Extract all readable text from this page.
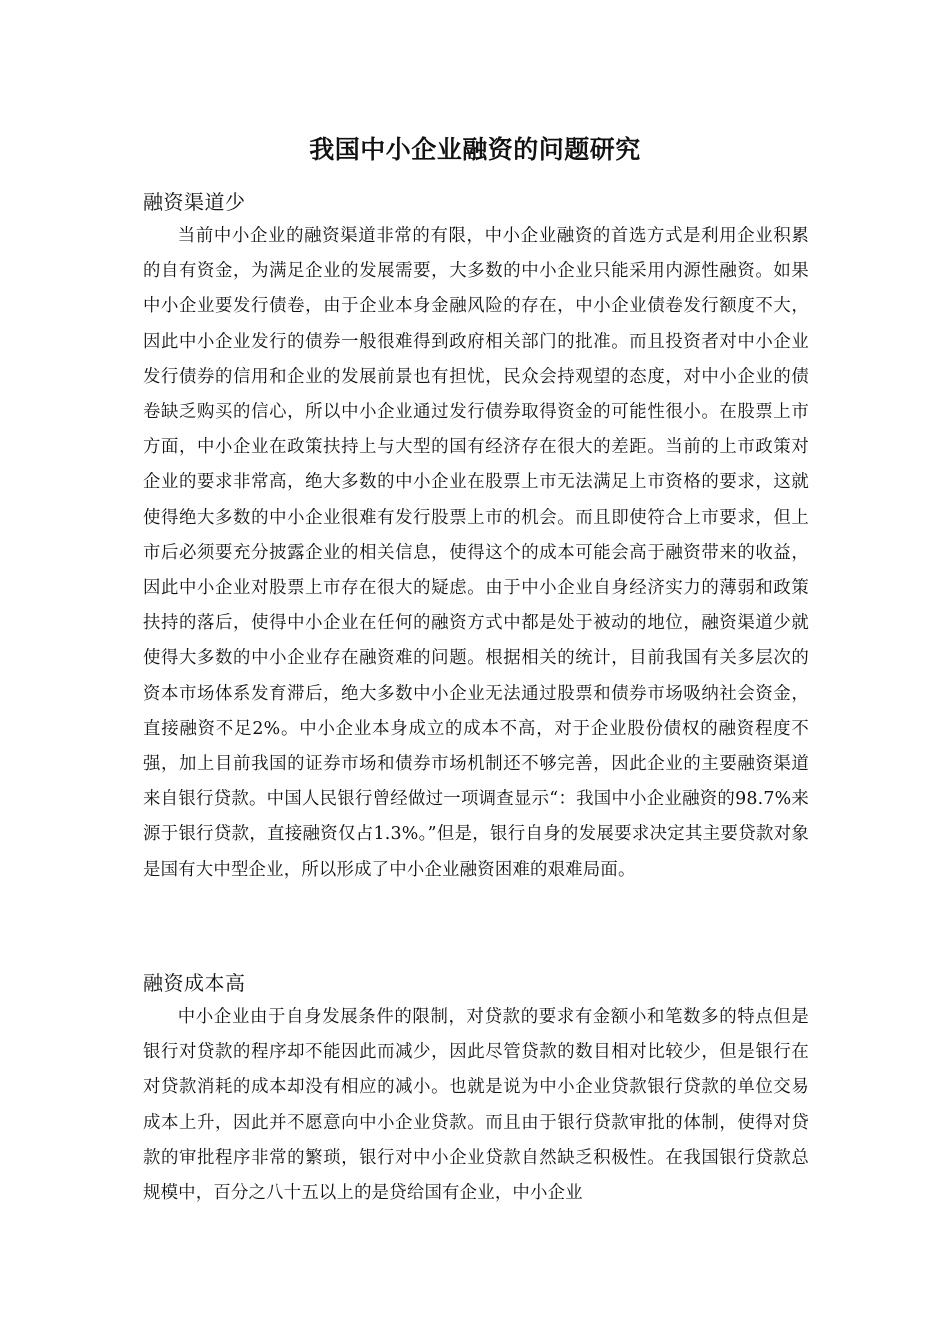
我国中小企业融资的问题研究
融资渠道少

当前中小企业的融资渠道非常的有限，中小企业融资的首选方式是利用企业积累的自有资金，为满足企业的发展需要，大多数的中小企业只能采用内源性融资。如果中小企业要发行债卷，由于企业本身金融风险的存在，中小企业债卷发行额度不大，因此中小企业发行的债券一般很难得到政府相关部门的批准。而且投资者对中小企业发行债券的信用和企业的发展前景也有担忧，民众会持观望的态度，对中小企业的债卷缺乏购买的信心，所以中小企业通过发行债券取得资金的可能性很小。在股票上市方面，中小企业在政策扶持上与大型的国有经济存在很大的差距。当前的上市政策对企业的要求非常高，绝大多数的中小企业在股票上市无法满足上市资格的要求，这就使得绝大多数的中小企业很难有发行股票上市的机会。而且即使符合上市要求，但上市后必须要充分披露企业的相关信息，使得这个的成本可能会高于融资带来的收益，因此中小企业对股票上市存在很大的疑虑。由于中小企业自身经济实力的薄弱和政策扶持的落后，使得中小企业在任何的融资方式中都是处于被动的地位，融资渠道少就使得大多数的中小企业存在融资难的问题。根据相关的统计，目前我国有关多层次的资本市场体系发育滞后，绝大多数中小企业无法通过股票和债券市场吸纳社会资金，直接融资不足2%。中小企业本身成立的成本不高，对于企业股份债权的融资程度不强，加上目前我国的证券市场和债券市场机制还不够完善，因此企业的主要融资渠道来自银行贷款。中国人民银行曾经做过一项调查显示“：我国中小企业融资的98.7%来源于银行贷款，直接融资仅占1.3%。”但是，银行自身的发展要求决定其主要贷款对象是国有大中型企业，所以形成了中小企业融资困难的艰难局面。

融资成本高

中小企业由于自身发展条件的限制，对贷款的要求有金额小和笔数多的特点但是银行对贷款的程序却不能因此而减少，因此尽管贷款的数目相对比较少，但是银行在对贷款消耗的成本却没有相应的减小。也就是说为中小企业贷款银行贷款的单位交易成本上升，因此并不愿意向中小企业贷款。而且由于银行贷款审批的体制，使得对贷款的审批程序非常的繁琐，银行对中小企业贷款自然缺乏积极性。在我国银行贷款总规模中，百分之八十五以上的是贷给国有企业，中小企业
